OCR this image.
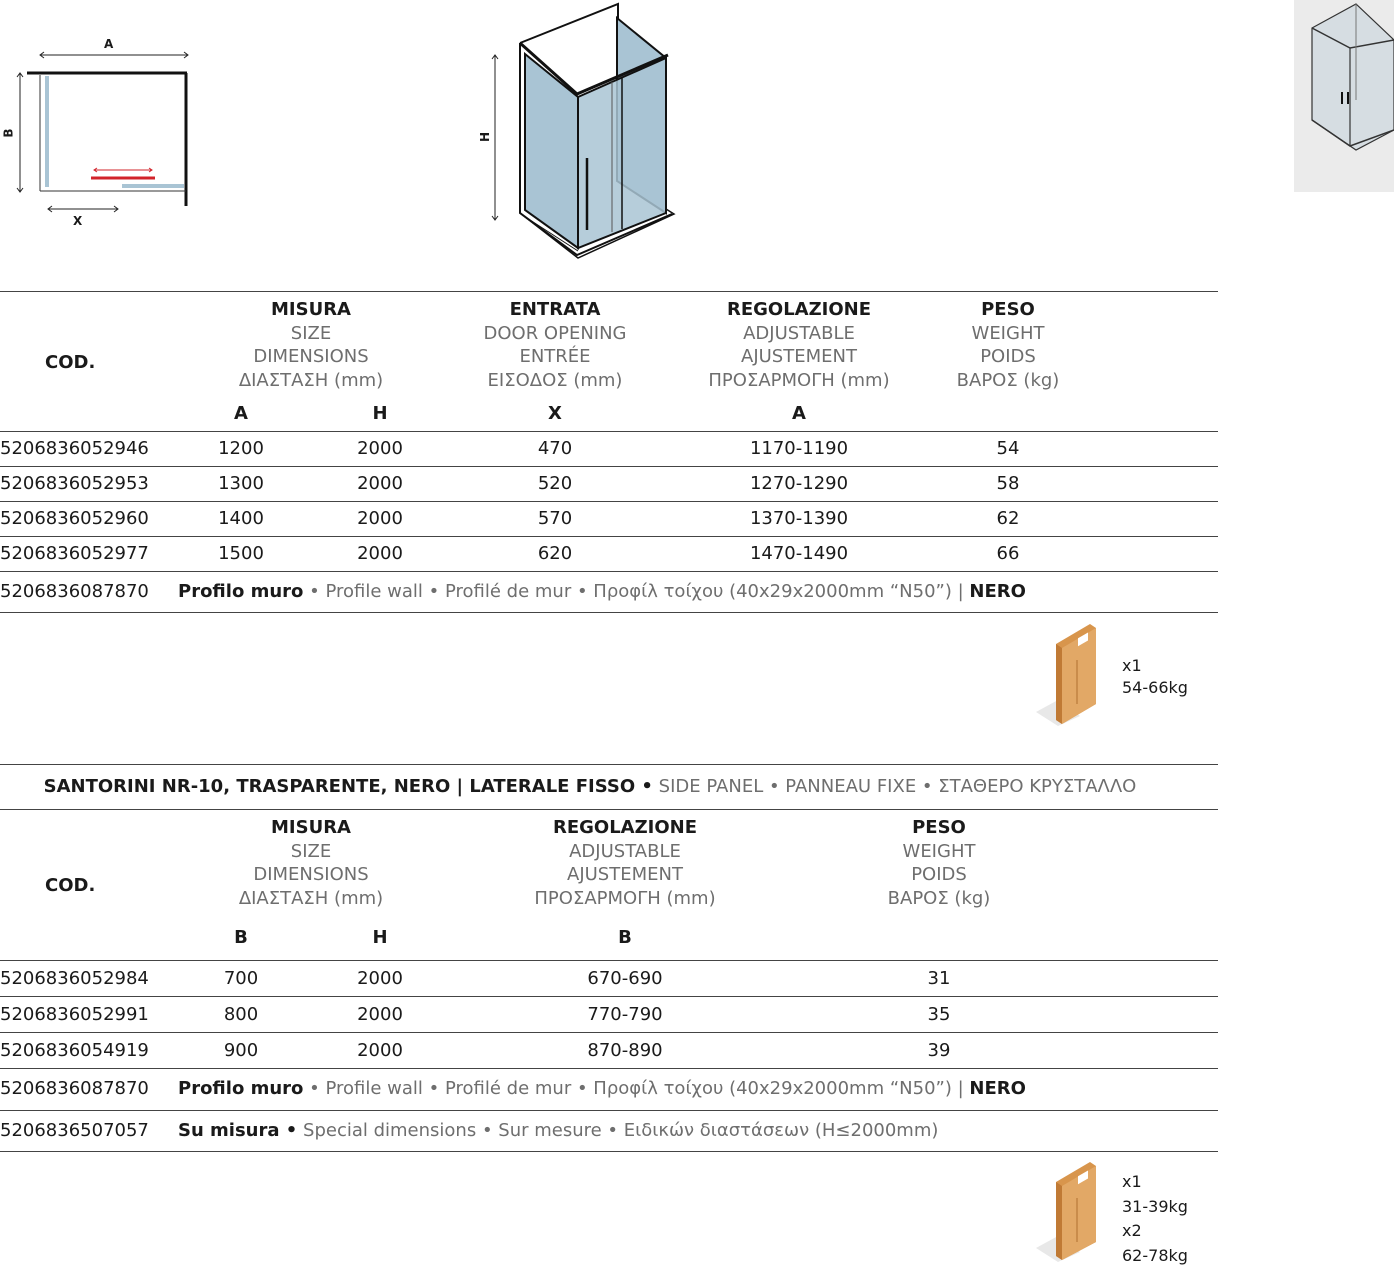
A
B
X
H
COD.
MISURA
SIZE
DIMENSIONS
ΔΙΑΣΤΑΣΗ (mm)
ENTRATA
DOOR OPENING
ENTRÉE
ΕΙΣΟΔΟΣ (mm)
REGOLAZIONE
ADJUSTABLE
AJUSTEMENT
ΠΡΟΣΑΡΜΟΓΗ (mm)
PESO
WEIGHT
POIDS
ΒΑΡΟΣ (kg)
A	H	X	A
5206836052946	1200	2000	470	1170-1190	54
5206836052953	1300	2000	520	1270-1290	58
5206836052960	1400	2000	570	1370-1390	62
5206836052977	1500	2000	620	1470-1490	66
5206836087870 Profilo muro • Profile wall • Profilé de mur • Προφίλ τοίχου (40x29x2000mm “N50”) | NERO
x1
54-66kg
SANTORINI NR-10, TRASPARENTE, NERO | LATERALE FISSO • SIDE PANEL • PANNEAU FIXE • ΣΤΑΘΕΡΟ ΚΡΥΣΤΑΛΛΟ
COD.
MISURA
SIZE
DIMENSIONS
ΔΙΑΣΤΑΣΗ (mm)
REGOLAZIONE
ADJUSTABLE
AJUSTEMENT
ΠΡΟΣΑΡΜΟΓΗ (mm)
PESO
WEIGHT
POIDS
ΒΑΡΟΣ (kg)
B	H	B
5206836052984	700	2000	670-690	31
5206836052991	800	2000	770-790	35
5206836054919	900	2000	870-890	39
5206836087870 Profilo muro • Profile wall • Profilé de mur • Προφίλ τοίχου (40x29x2000mm “N50”) | NERO
5206836507057 Su misura • Special dimensions • Sur mesure • Ειδικών διαστάσεων (H≤2000mm)
x1
31-39kg
x2
62-78kg
